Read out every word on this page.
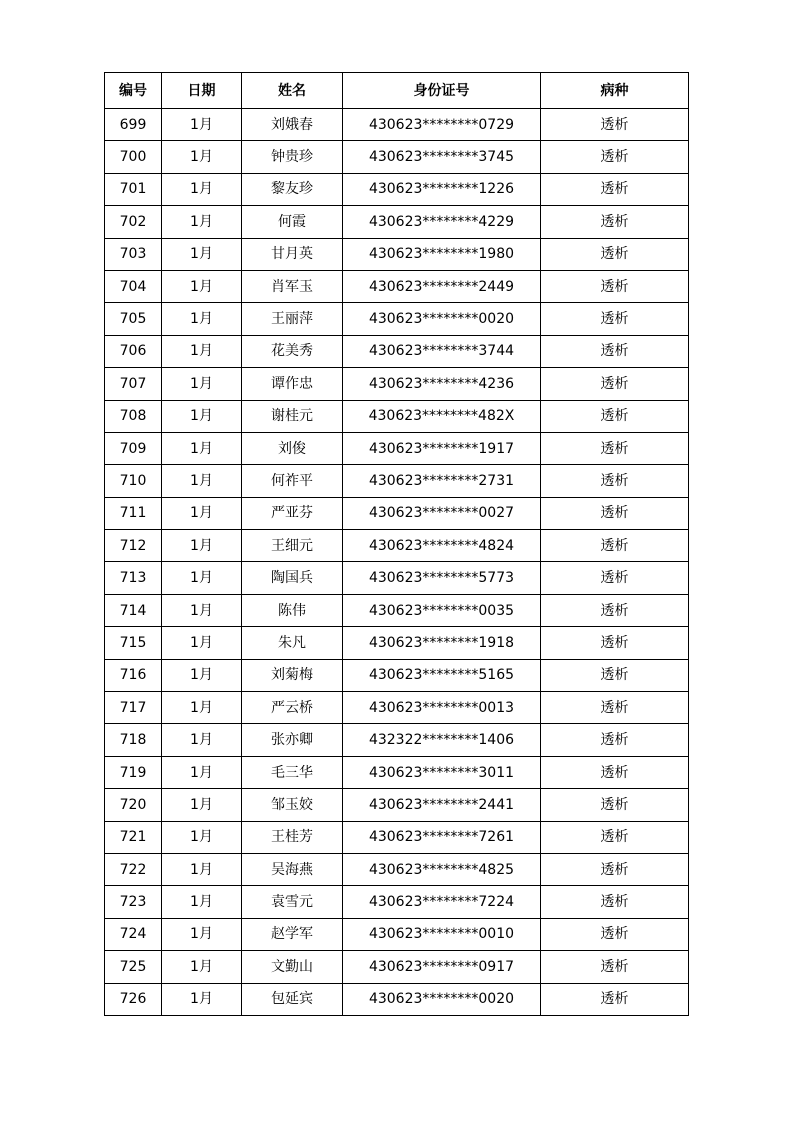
编号	日期	姓名	身份证号	病种
699	1月	刘娥春	430623********0729	透析
700	1月	钟贵珍	430623********3745	透析
701	1月	黎友珍	430623********1226	透析
702	1月	何霞	430623********4229	透析
703	1月	甘月英	430623********1980	透析
704	1月	肖军玉	430623********2449	透析
705	1月	王丽萍	430623********0020	透析
706	1月	花美秀	430623********3744	透析
707	1月	谭作忠	430623********4236	透析
708	1月	谢桂元	430623********482X	透析
709	1月	刘俊	430623********1917	透析
710	1月	何祚平	430623********2731	透析
711	1月	严亚芬	430623********0027	透析
712	1月	王细元	430623********4824	透析
713	1月	陶国兵	430623********5773	透析
714	1月	陈伟	430623********0035	透析
715	1月	朱凡	430623********1918	透析
716	1月	刘菊梅	430623********5165	透析
717	1月	严云桥	430623********0013	透析
718	1月	张亦卿	432322********1406	透析
719	1月	毛三华	430623********3011	透析
720	1月	邹玉姣	430623********2441	透析
721	1月	王桂芳	430623********7261	透析
722	1月	吴海燕	430623********4825	透析
723	1月	袁雪元	430623********7224	透析
724	1月	赵学军	430623********0010	透析
725	1月	文勤山	430623********0917	透析
726	1月	包延宾	430623********0020	透析
